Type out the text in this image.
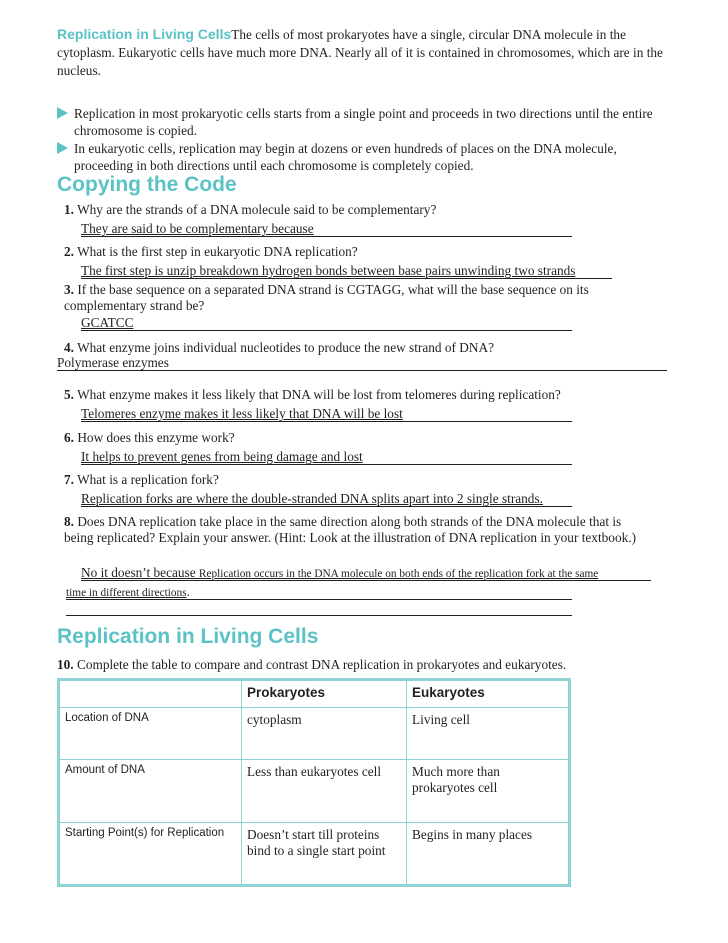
Replication in Living CellsThe cells of most prokaryotes have a single, circular DNA molecule in the cytoplasm. Eukaryotic cells have much more DNA. Nearly all of it is contained in chromosomes, which are in the nucleus.
Replication in most prokaryotic cells starts from a single point and proceeds in two directions until the entire chromosome is copied.
In eukaryotic cells, replication may begin at dozens or even hundreds of places on the DNA molecule, proceeding in both directions until each chromosome is completely copied.
Copying the Code
1. Why are the strands of a DNA molecule said to be complementary?
They are said to be complementary because
2. What is the first step in eukaryotic DNA replication?
The first step is unzip breakdown hydrogen bonds between base pairs unwinding two strands
3. If the base sequence on a separated DNA strand is CGTAGG, what will the base sequence on its complementary strand be?
GCATCC
4. What enzyme joins individual nucleotides to produce the new strand of DNA?
Polymerase enzymes
5. What enzyme makes it less likely that DNA will be lost from telomeres during replication?
Telomeres enzyme makes it less likely that DNA will be lost
6. How does this enzyme work?
It helps to prevent genes from being damage and lost
7. What is a replication fork?
Replication forks are where the double-stranded DNA splits apart into 2 single strands.
8. Does DNA replication take place in the same direction along both strands of the DNA molecule that is being replicated? Explain your answer. (Hint: Look at the illustration of DNA replication in your textbook.)
No it doesn’t because Replication occurs in the DNA molecule on both ends of the replication fork at the same
time in different directions.
Replication in Living Cells
10. Complete the table to compare and contrast DNA replication in prokaryotes and eukaryotes.
	Prokaryotes	Eukaryotes
Location of DNA	cytoplasm	Living cell
Amount of DNA	Less than eukaryotes cell	Much more than prokaryotes cell
Starting Point(s) for Replication	Doesn’t start till proteins bind to a single start point	Begins in many places
